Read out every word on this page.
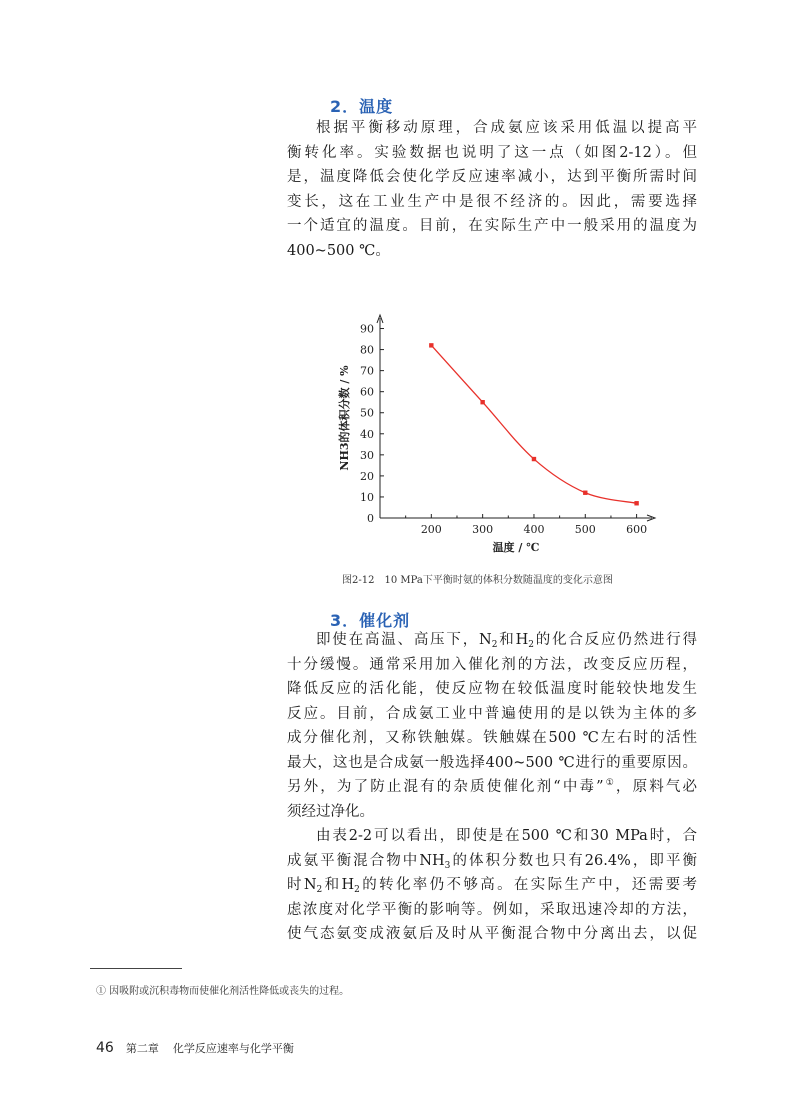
2．温度
根据平衡移动原理，合成氨应该采用低温以提高平
衡转化率。实验数据也说明了这一点（如图2-12）。但
是，温度降低会使化学反应速率减小，达到平衡所需时间
变长，这在工业生产中是很不经济的。因此，需要选择
一个适宜的温度。目前，在实际生产中一般采用的温度为
400~500 ℃。
0
10
20
30
40
50
60
70
80
90
200	300	400	500	600
温度 / ℃
NH3的体积分数 / %
图2-12　10 MPa下平衡时氨的体积分数随温度的变化示意图
3．催化剂
即使在高温、高压下，$N_2$和$H_2$的化合反应仍然进行得
十分缓慢。通常采用加入催化剂的方法，改变反应历程，
降低反应的活化能，使反应物在较低温度时能较快地发生
反应。目前，合成氨工业中普遍使用的是以铁为主体的多
成分催化剂，又称铁触媒。铁触媒在500 ℃左右时的活性
最大，这也是合成氨一般选择400~500 ℃进行的重要原因。
另外，为了防止混有的杂质使催化剂“中毒”①，原料气必
须经过净化。
由表2-2可以看出，即使是在500 ℃和30 MPa时，合
成氨平衡混合物中$NH_3$的体积分数也只有26.4%，即平衡
时$N_2$和$H_2$的转化率仍不够高。在实际生产中，还需要考
虑浓度对化学平衡的影响等。例如，采取迅速冷却的方法，
使气态氨变成液氨后及时从平衡混合物中分离出去，以促
① 因吸附或沉积毒物而使催化剂活性降低或丧失的过程。
46 第二章 化学反应速率与化学平衡
